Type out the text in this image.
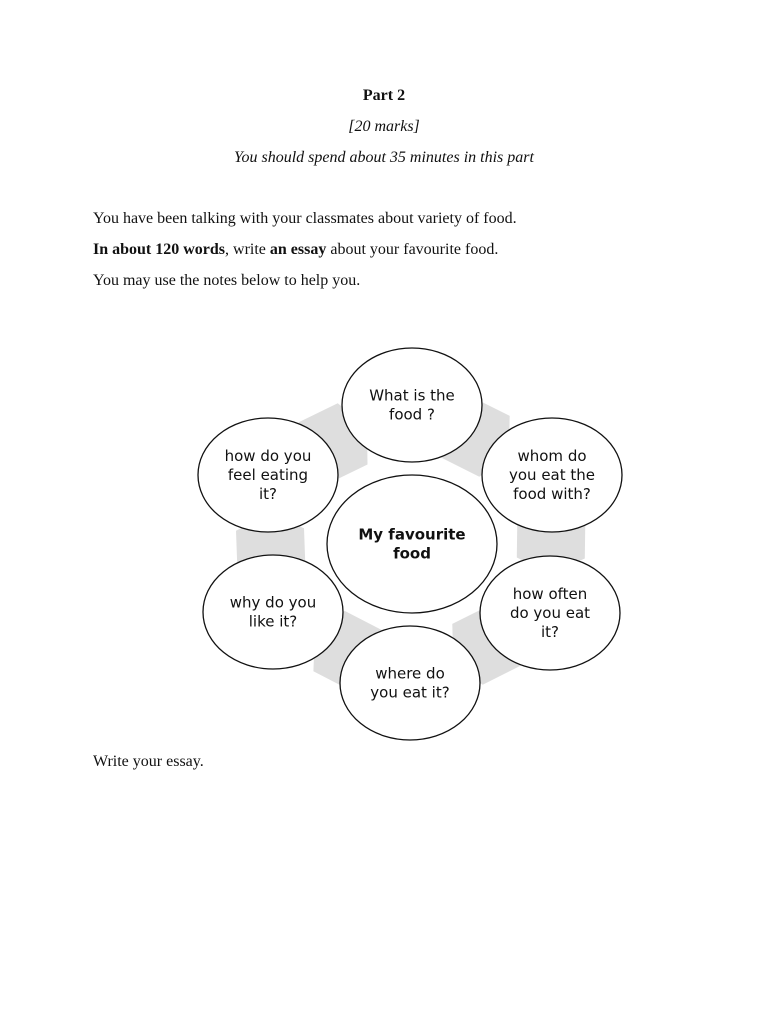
Part 2
[20 marks]
You should spend about 35 minutes in this part
You have been talking with your classmates about variety of food.
In about 120 words, write an essay about your favourite food.
You may use the notes below to help you.
What is the
food ?
whom do
you eat the
food with?
how often
do you eat
it?
where do
you eat it?
why do you
like it?
how do you
feel eating
it?
My favourite
food
Write your essay.
